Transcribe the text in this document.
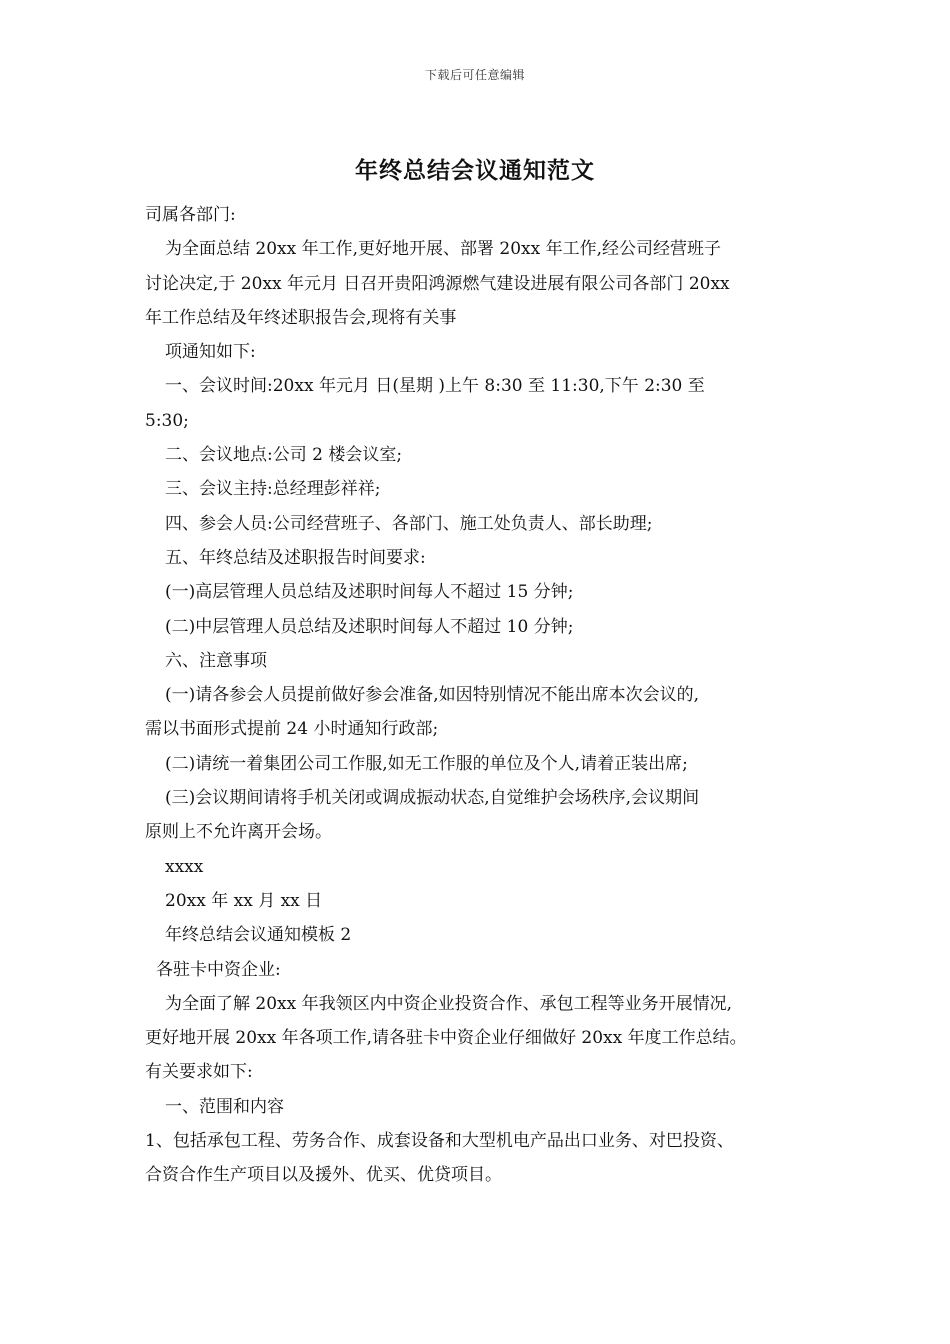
下载后可任意编辑
年终总结会议通知范文
司属各部门:
为全面总结 20xx 年工作,更好地开展、部署 20xx 年工作,经公司经营班子
讨论决定,于 20xx 年元月 日召开贵阳鸿源燃气建设进展有限公司各部门 20xx
年工作总结及年终述职报告会,现将有关事
项通知如下:
一、会议时间:20xx 年元月 日(星期 )上午 8:30 至 11:30,下午 2:30 至
5:30;
二、会议地点:公司 2 楼会议室;
三、会议主持:总经理彭祥祥;
四、参会人员:公司经营班子、各部门、施工处负责人、部长助理;
五、年终总结及述职报告时间要求:
(一)高层管理人员总结及述职时间每人不超过 15 分钟;
(二)中层管理人员总结及述职时间每人不超过 10 分钟;
六、注意事项
(一)请各参会人员提前做好参会准备,如因特别情况不能出席本次会议的,
需以书面形式提前 24 小时通知行政部;
(二)请统一着集团公司工作服,如无工作服的单位及个人,请着正装出席;
(三)会议期间请将手机关闭或调成振动状态,自觉维护会场秩序,会议期间
原则上不允许离开会场。
xxxx
20xx 年 xx 月 xx 日
年终总结会议通知模板 2
各驻卡中资企业:
为全面了解 20xx 年我领区内中资企业投资合作、承包工程等业务开展情况,
更好地开展 20xx 年各项工作,请各驻卡中资企业仔细做好 20xx 年度工作总结。
有关要求如下:
一、范围和内容
1、包括承包工程、劳务合作、成套设备和大型机电产品出口业务、对巴投资、
合资合作生产项目以及援外、优买、优贷项目。
